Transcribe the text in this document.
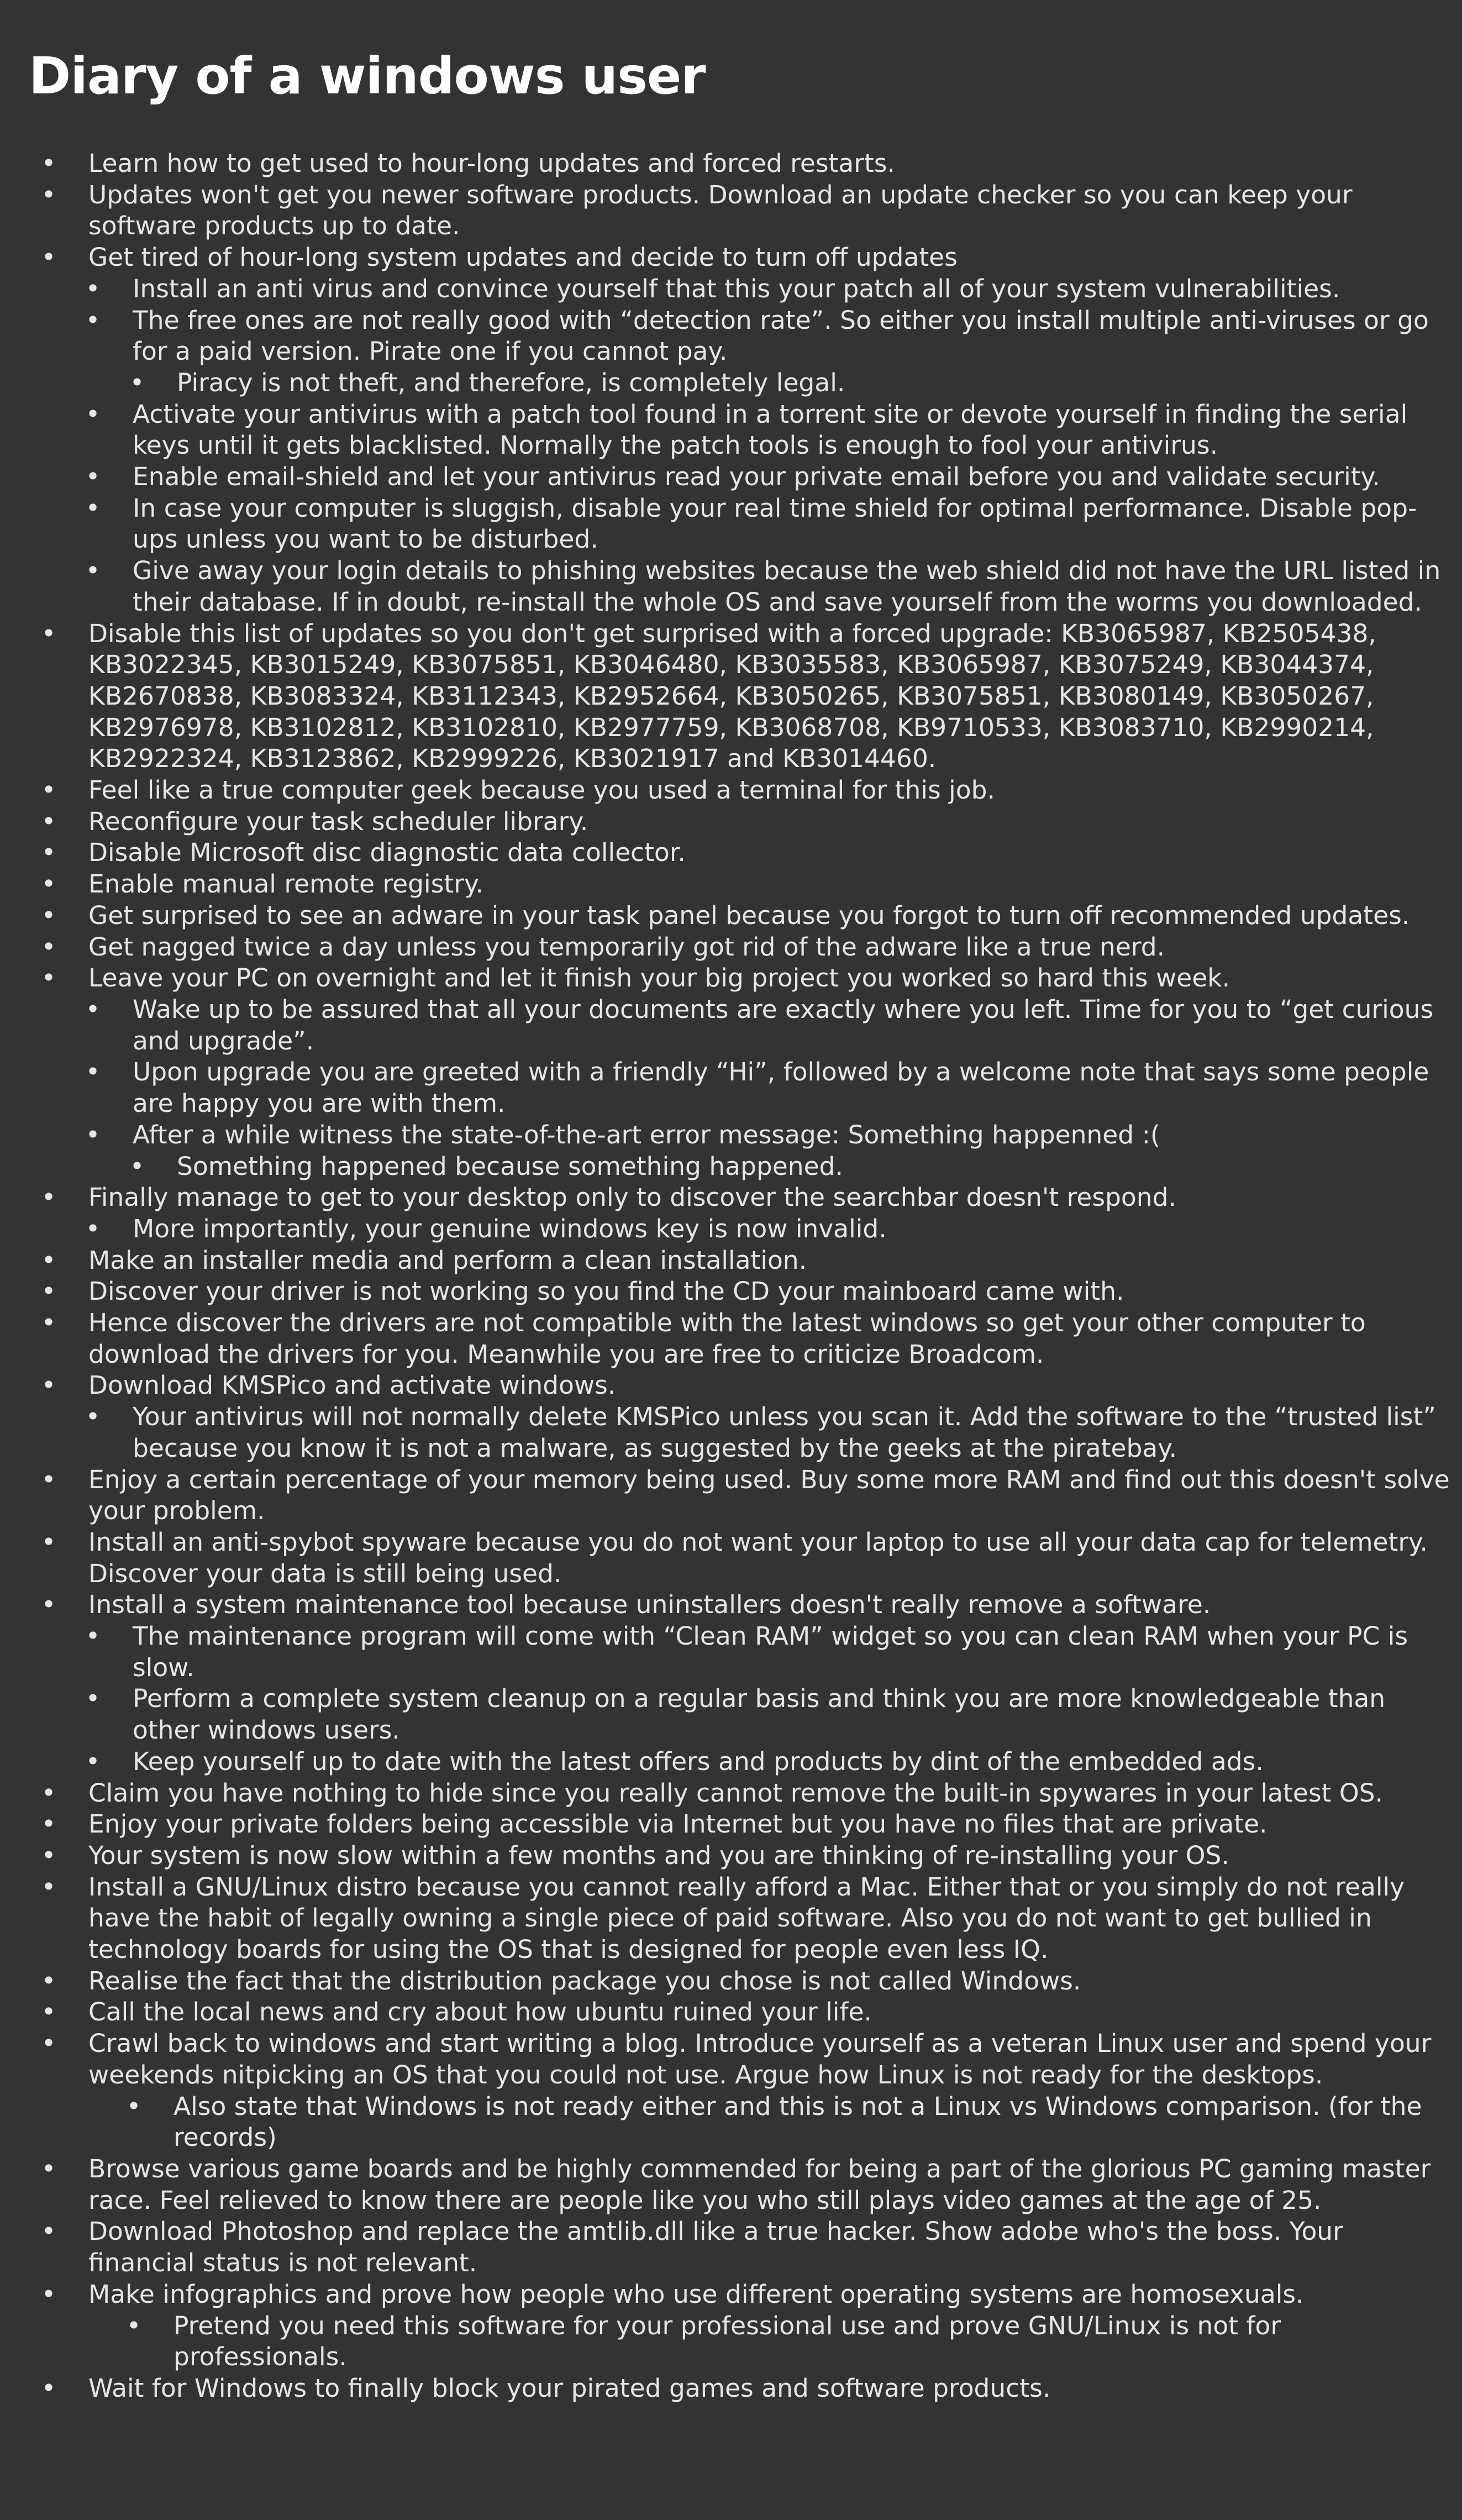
Diary of a windows user
• Learn how to get used to hour-long updates and forced restarts.
• Updates won't get you newer software products. Download an update checker so you can keep your software products up to date.
• Get tired of hour-long system updates and decide to turn off updates
• Install an anti virus and convince yourself that this your patch all of your system vulnerabilities.
• The free ones are not really good with “detection rate”. So either you install multiple anti-viruses or go for a paid version. Pirate one if you cannot pay.
• Piracy is not theft, and therefore, is completely legal.
• Activate your antivirus with a patch tool found in a torrent site or devote yourself in finding the serial keys until it gets blacklisted. Normally the patch tools is enough to fool your antivirus.
• Enable email-shield and let your antivirus read your private email before you and validate security.
• In case your computer is sluggish, disable your real time shield for optimal performance. Disable pop-ups unless you want to be disturbed.
• Give away your login details to phishing websites because the web shield did not have the URL listed in their database. If in doubt, re-install the whole OS and save yourself from the worms you downloaded.
• Disable this list of updates so you don't get surprised with a forced upgrade: KB3065987, KB2505438, KB3022345, KB3015249, KB3075851, KB3046480, KB3035583, KB3065987, KB3075249, KB3044374, KB2670838, KB3083324, KB3112343, KB2952664, KB3050265, KB3075851, KB3080149, KB3050267, KB2976978, KB3102812, KB3102810, KB2977759, KB3068708, KB9710533, KB3083710, KB2990214, KB2922324, KB3123862, KB2999226, KB3021917 and KB3014460.
• Feel like a true computer geek because you used a terminal for this job.
• Reconfigure your task scheduler library.
• Disable Microsoft disc diagnostic data collector.
• Enable manual remote registry.
• Get surprised to see an adware in your task panel because you forgot to turn off recommended updates.
• Get nagged twice a day unless you temporarily got rid of the adware like a true nerd.
• Leave your PC on overnight and let it finish your big project you worked so hard this week.
• Wake up to be assured that all your documents are exactly where you left. Time for you to “get curious and upgrade”.
• Upon upgrade you are greeted with a friendly “Hi”, followed by a welcome note that says some people are happy you are with them.
• After a while witness the state-of-the-art error message: Something happenned :(
• Something happened because something happened.
• Finally manage to get to your desktop only to discover the searchbar doesn't respond.
• More importantly, your genuine windows key is now invalid.
• Make an installer media and perform a clean installation.
• Discover your driver is not working so you find the CD your mainboard came with.
• Hence discover the drivers are not compatible with the latest windows so get your other computer to download the drivers for you. Meanwhile you are free to criticize Broadcom.
• Download KMSPico and activate windows.
• Your antivirus will not normally delete KMSPico unless you scan it. Add the software to the “trusted list” because you know it is not a malware, as suggested by the geeks at the piratebay.
• Enjoy a certain percentage of your memory being used. Buy some more RAM and find out this doesn't solve your problem.
• Install an anti-spybot spyware because you do not want your laptop to use all your data cap for telemetry. Discover your data is still being used.
• Install a system maintenance tool because uninstallers doesn't really remove a software.
• The maintenance program will come with “Clean RAM” widget so you can clean RAM when your PC is slow.
• Perform a complete system cleanup on a regular basis and think you are more knowledgeable than other windows users.
• Keep yourself up to date with the latest offers and products by dint of the embedded ads.
• Claim you have nothing to hide since you really cannot remove the built-in spywares in your latest OS.
• Enjoy your private folders being accessible via Internet but you have no files that are private.
• Your system is now slow within a few months and you are thinking of re-installing your OS.
• Install a GNU/Linux distro because you cannot really afford a Mac. Either that or you simply do not really have the habit of legally owning a single piece of paid software. Also you do not want to get bullied in technology boards for using the OS that is designed for people even less IQ.
• Realise the fact that the distribution package you chose is not called Windows.
• Call the local news and cry about how ubuntu ruined your life.
• Crawl back to windows and start writing a blog. Introduce yourself as a veteran Linux user and spend your weekends nitpicking an OS that you could not use. Argue how Linux is not ready for the desktops.
• Also state that Windows is not ready either and this is not a Linux vs Windows comparison. (for the records)
• Browse various game boards and be highly commended for being a part of the glorious PC gaming master race. Feel relieved to know there are people like you who still plays video games at the age of 25.
• Download Photoshop and replace the amtlib.dll like a true hacker. Show adobe who's the boss. Your financial status is not relevant.
• Make infographics and prove how people who use different operating systems are homosexuals.
• Pretend you need this software for your professional use and prove GNU/Linux is not for professionals.
• Wait for Windows to finally block your pirated games and software products.
